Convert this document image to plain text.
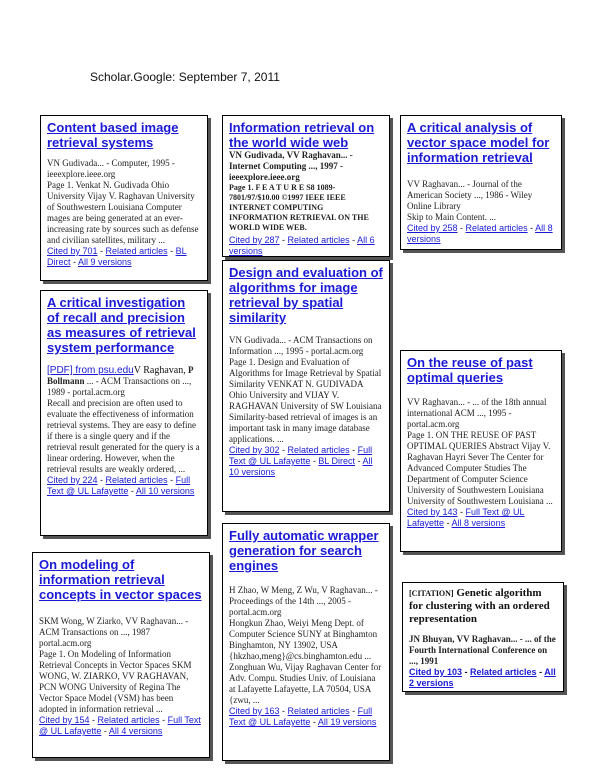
Scholar.Google: September 7, 2011
Content based image retrieval systems
VN Gudivada... - Computer, 1995 - ieeexplore.ieee.org
Page 1. Venkat N. Gudivada Ohio University Vijay V. Raghavan University of Southwestern Louisiana Computer mages are being generated at an ever-increasing rate by sources such as defense and civilian satellites, military ...
Cited by 701 - Related articles - BL Direct - All 9 versions
Information retrieval on the world wide web
VN Gudivada, VV Raghavan... - Internet Computing ..., 1997 - ieeexplore.ieee.org
Page 1. F E A T U R E S8 1089-7801/97/$10.00 ©1997 IEEE IEEE INTERNET COMPUTING INFORMATION RETRIEVAL ON THE WORLD WIDE WEB.
Cited by 287 - Related articles - All 6 versions
A critical analysis of vector space model for information retrieval
VV Raghavan... - Journal of the American Society ..., 1986 - Wiley Online Library
Skip to Main Content. ...
Cited by 258 - Related articles - All 8 versions
Design and evaluation of algorithms for image retrieval by spatial similarity
VN Gudivada... - ACM Transactions on Information ..., 1995 - portal.acm.org
Page 1. Design and Evaluation of Algorithms for Image Retrieval by Spatial Similarity VENKAT N. GUDIVADA Ohio University and VIJAY V. RAGHAVAN University of SW Louisiana Similarity-based retrieval of images is an important task in many image database applications. ...
Cited by 302 - Related articles - Full Text @ UL Lafayette - BL Direct - All 10 versions
A critical investigation of recall and precision as measures of retrieval system performance
[PDF] from psu.eduV Raghavan, P Bollmann ... - ACM Transactions on ..., 1989 - portal.acm.org
Recall and precision are often used to evaluate the effectiveness of information retrieval systems. They are easy to define if there is a single query and if the retrieval result generated for the query is a linear ordering. However, when the retrieval results are weakly ordered, ...
Cited by 224 - Related articles - Full Text @ UL Lafayette - All 10 versions
On the reuse of past optimal queries
VV Raghavan... - ... of the 18th annual international ACM ..., 1995 - portal.acm.org
Page 1. ON THE REUSE OF PAST OPTIMAL QUERIES Abstract Vijay V. Raghavan Hayri Sever The Center for Advanced Computer Studies The Department of Computer Science University of Southwestern Louisiana University of Southwestern Louisiana ...
Cited by 143 - Full Text @ UL Lafayette - All 8 versions
Fully automatic wrapper generation for search engines
H Zhao, W Meng, Z Wu, V Raghavan... - Proceedings of the 14th ..., 2005 - portal.acm.org
Hongkun Zhao, Weiyi Meng Dept. of Computer Science SUNY at Binghamton Binghamton, NY 13902, USA {hkzhao,meng}@cs.binghamton.edu ... Zonghuan Wu, Vijay Raghavan Center for Adv. Compu. Studies Univ. of Louisiana at Lafayette Lafayette, LA 70504, USA {zwu, ...
Cited by 163 - Related articles - Full Text @ UL Lafayette - All 19 versions
On modeling of information retrieval concepts in vector spaces
SKM Wong, W Ziarko, VV Raghavan... - ACM Transactions on ..., 1987 portal.acm.org
Page 1. On Modeling of Information Retrieval Concepts in Vector Spaces SKM WONG, W. ZIARKO, VV RAGHAVAN, PCN WONG University of Regina The Vector Space Model (VSM) has been adopted in information retrieval ...
Cited by 154 - Related articles - Full Text @ UL Lafayette - All 4 versions
[CITATION] Genetic algorithm for clustering with an ordered representation
JN Bhuyan, VV Raghavan... - ... of the Fourth International Conference on ..., 1991
Cited by 103 - Related articles - All 2 versions
